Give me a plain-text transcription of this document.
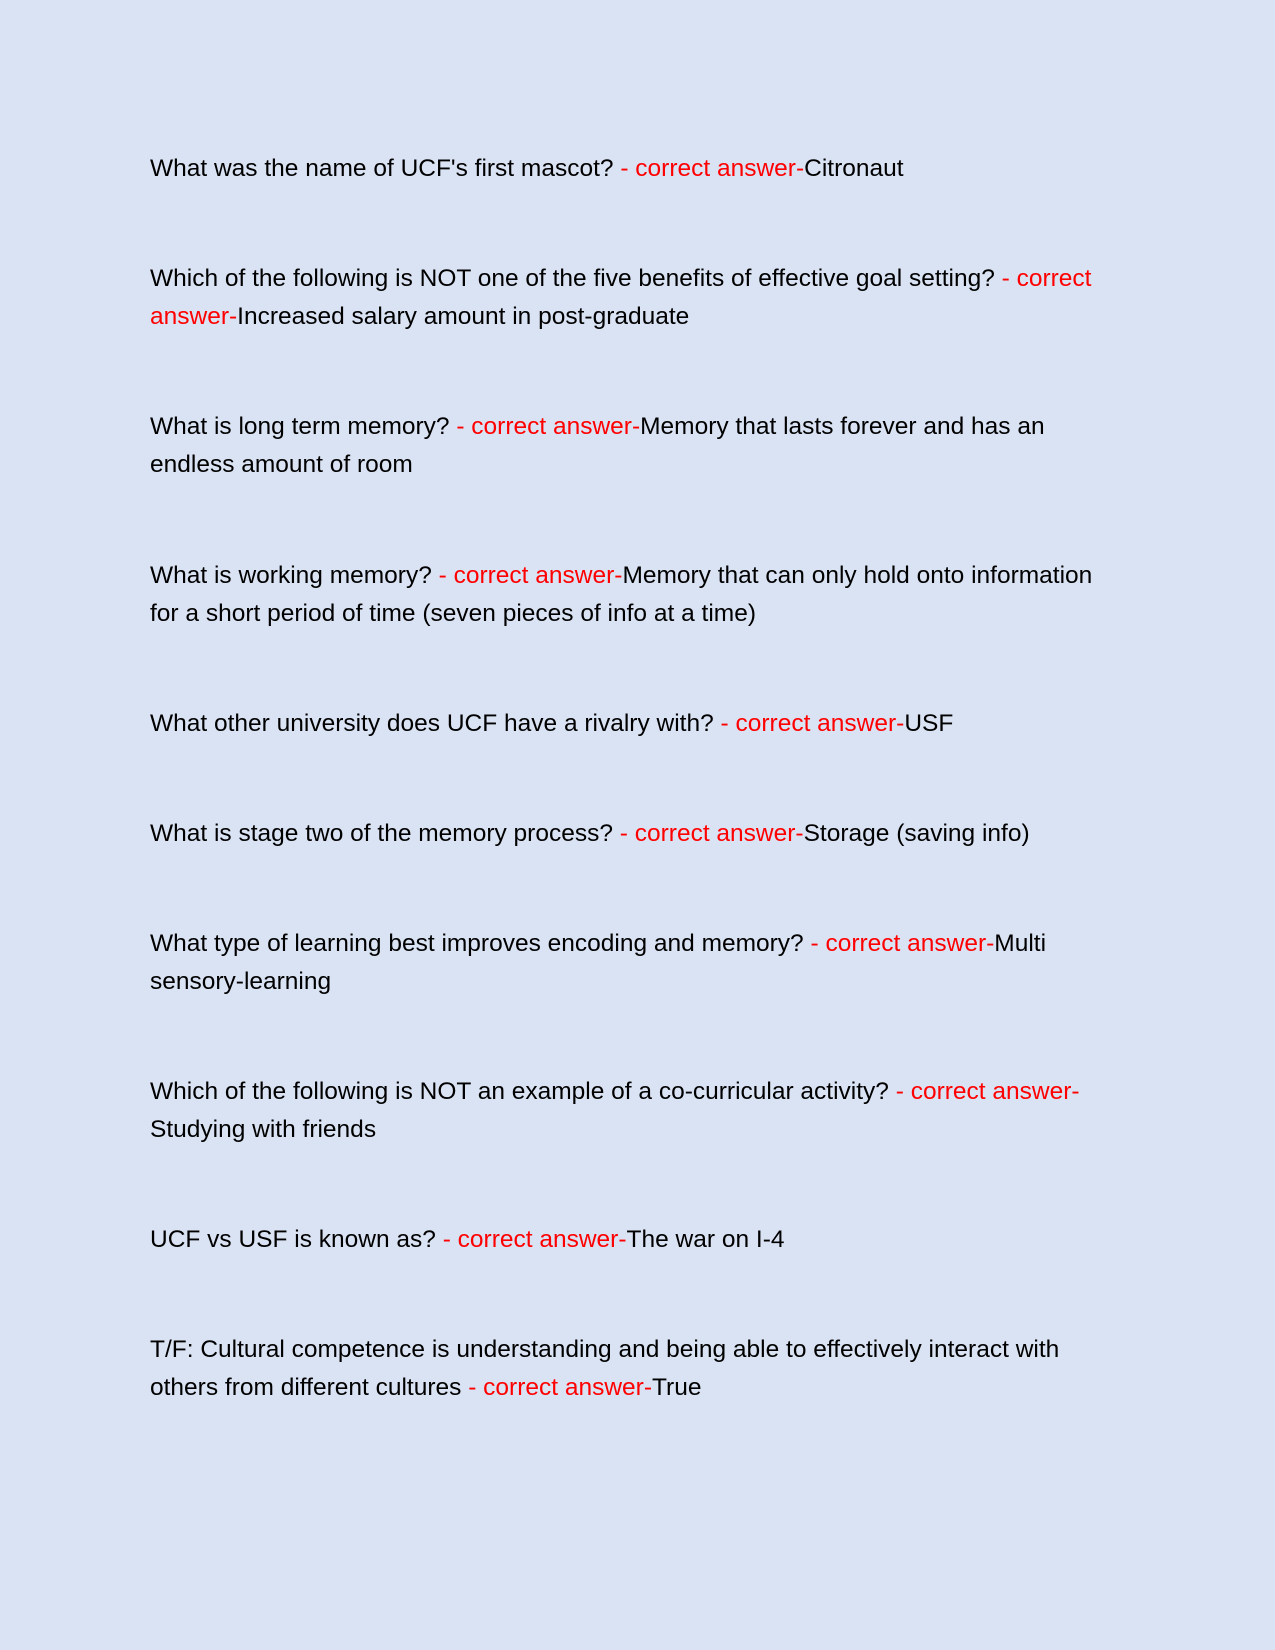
What was the name of UCF's first mascot? - correct answer-Citronaut

Which of the following is NOT one of the five benefits of effective goal setting? - correct answer-Increased salary amount in post-graduate

What is long term memory? - correct answer-Memory that lasts forever and has an endless amount of room

What is working memory? - correct answer-Memory that can only hold onto information for a short period of time (seven pieces of info at a time)

What other university does UCF have a rivalry with? - correct answer-USF

What is stage two of the memory process? - correct answer-Storage (saving info)

What type of learning best improves encoding and memory? - correct answer-Multi sensory-learning

Which of the following is NOT an example of a co-curricular activity? - correct answer-Studying with friends

UCF vs USF is known as? - correct answer-The war on I-4

T/F: Cultural competence is understanding and being able to effectively interact with others from different cultures - correct answer-True
